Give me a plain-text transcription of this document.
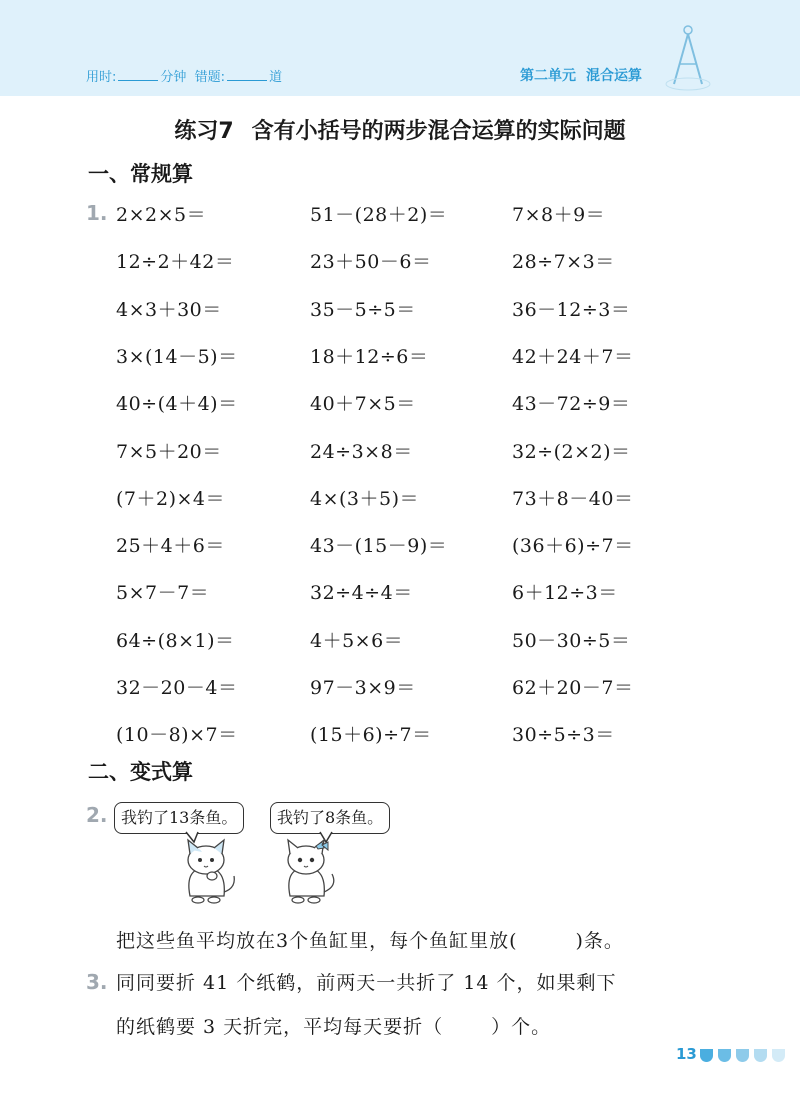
用时:	分钟 错题:	道	第二单元 混合运算
练习7 含有小括号的两步混合运算的实际问题
一、常规算
1. 2×2×5＝	51－(28＋2)＝	7×8＋9＝
12÷2＋42＝	23＋50－6＝	28÷7×3＝
4×3＋30＝	35－5÷5＝	36－12÷3＝
3×(14－5)＝	18＋12÷6＝	42＋24＋7＝
40÷(4＋4)＝	40＋7×5＝	43－72÷9＝
7×5＋20＝	24÷3×8＝	32÷(2×2)＝
(7＋2)×4＝	4×(3＋5)＝	73＋8－40＝
25＋4＋6＝	43－(15－9)＝	(36＋6)÷7＝
5×7－7＝	32÷4÷4＝	6＋12÷3＝
64÷(8×1)＝	4＋5×6＝	50－30÷5＝
32－20－4＝	97－3×9＝	62＋20－7＝
(10－8)×7＝	(15＋6)÷7＝	30÷5÷3＝
二、变式算
2. 我钓了13条鱼。	我钓了8条鱼。
把这些鱼平均放在3个鱼缸里，每个鱼缸里放(	)条。
3. 同同要折 41 个纸鹤，前两天一共折了 14 个，如果剩下
的纸鹤要 3 天折完，平均每天要折（	）个。
13
